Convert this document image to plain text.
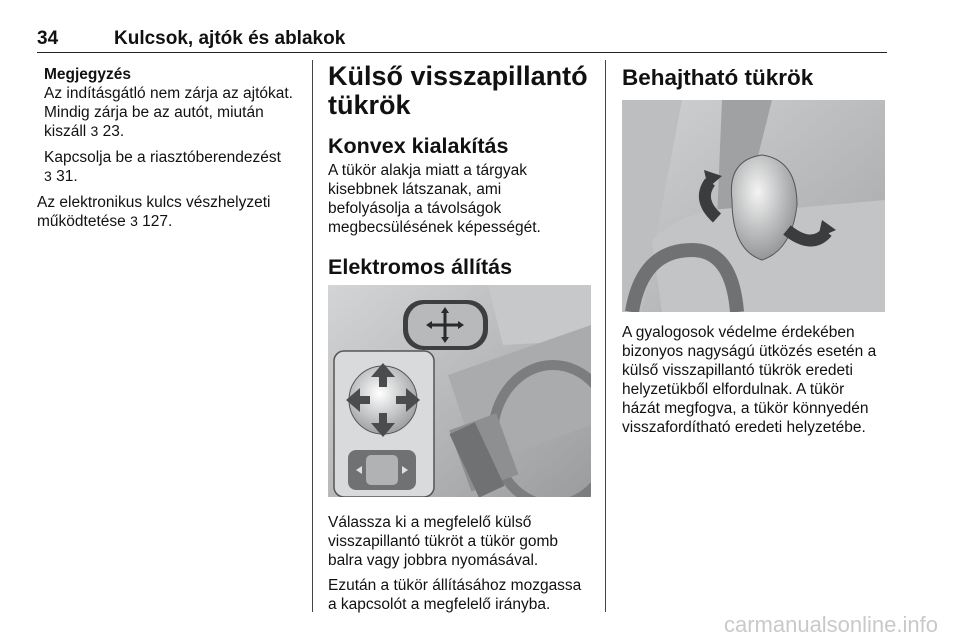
34	Kulcsok, ajtók és ablakok

Megjegyzés

Az indításgátló nem zárja az ajtókat.

Mindig zárja be az autót, miután

kiszáll 3 23.

Kapcsolja be a riasztóberendezést

3 31.

Az elektronikus kulcs vészhelyzeti

működtetése 3 127.

Külső visszapillantó
tükrök
Konvex kialakítás

A tükör alakja miatt a tárgyak

kisebbnek látszanak, ami

befolyásolja a távolságok

megbecsülésének képességét.

Elektromos állítás

Válassza ki a megfelelő külső

visszapillantó tükröt a tükör gomb

balra vagy jobbra nyomásával.

Ezután a tükör állításához mozgassa

a kapcsolót a megfelelő irányba.

Behajtható tükrök

A gyalogosok védelme érdekében

bizonyos nagyságú ütközés esetén a

külső visszapillantó tükrök eredeti

helyzetükből elfordulnak. A tükör

házát megfogva, a tükör könnyedén

visszafordítható eredeti helyzetébe.

carmanualsonline.info
